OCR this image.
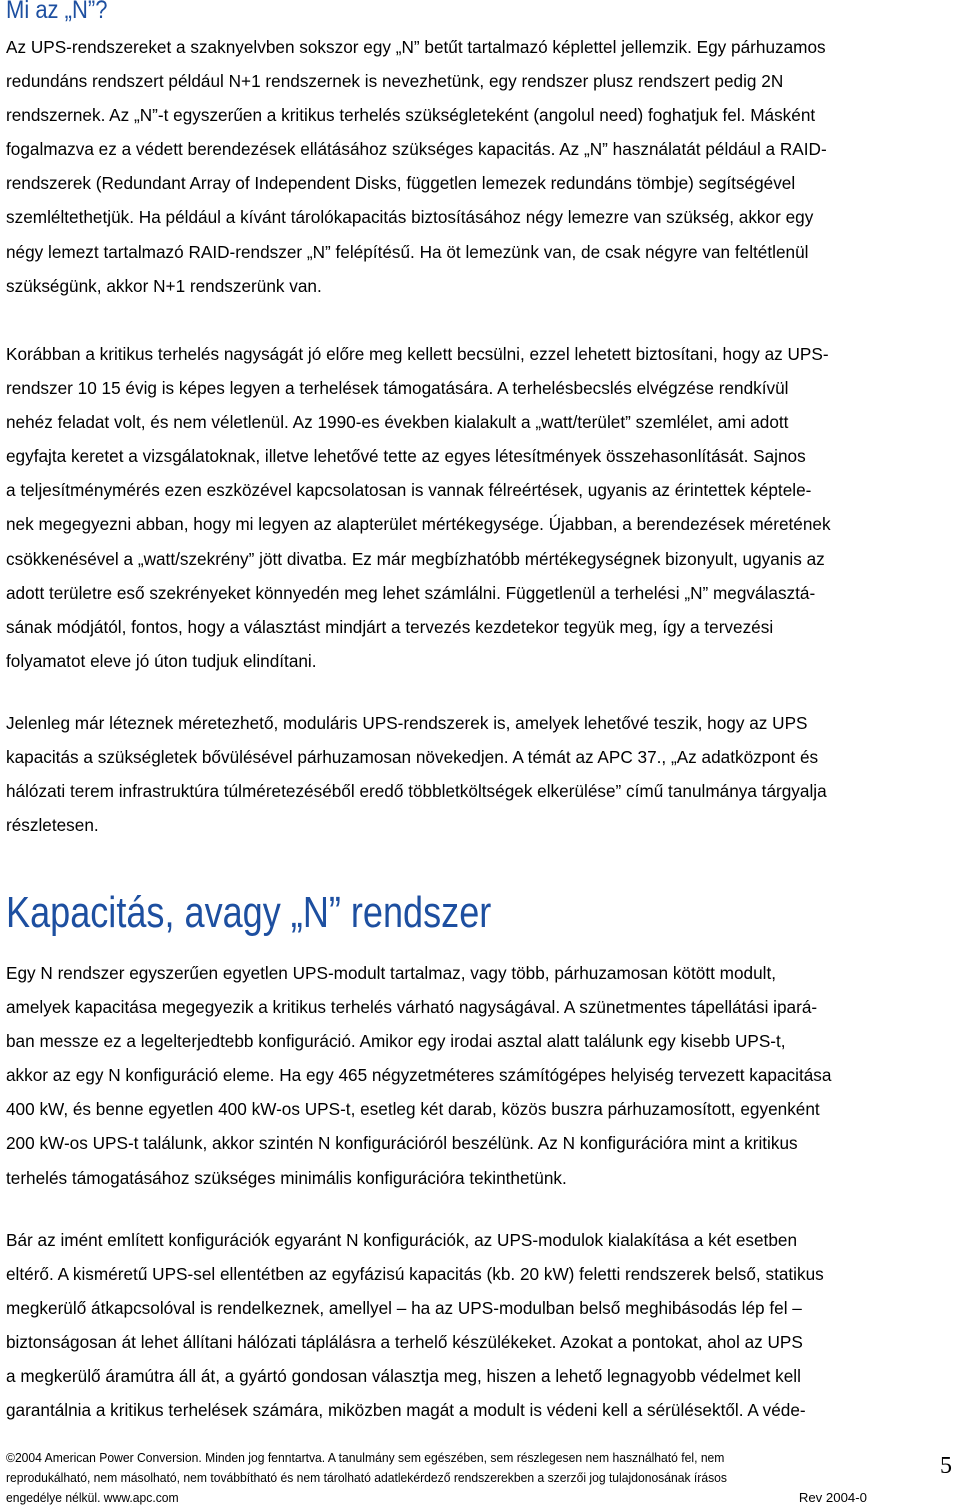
Mi az „N”?
Az UPS-rendszereket a szaknyelvben sokszor egy „N” betűt tartalmazó képlettel jellemzik. Egy párhuzamos
redundáns rendszert például N+1 rendszernek is nevezhetünk, egy rendszer plusz rendszert pedig 2N
rendszernek. Az „N”-t egyszerűen a kritikus terhelés szükségleteként (angolul need) foghatjuk fel. Másként
fogalmazva ez a védett berendezések ellátásához szükséges kapacitás. Az „N” használatát például a RAID-
rendszerek (Redundant Array of Independent Disks, független lemezek redundáns tömbje) segítségével
szemléltethetjük. Ha például a kívánt tárolókapacitás biztosításához négy lemezre van szükség, akkor egy
négy lemezt tartalmazó RAID-rendszer „N” felépítésű. Ha öt lemezünk van, de csak négyre van feltétlenül
szükségünk, akkor N+1 rendszerünk van.
Korábban a kritikus terhelés nagyságát jó előre meg kellett becsülni, ezzel lehetett biztosítani, hogy az UPS-
rendszer 10 15 évig is képes legyen a terhelések támogatására. A terhelésbecslés elvégzése rendkívül
nehéz feladat volt, és nem véletlenül. Az 1990-es években kialakult a „watt/terület” szemlélet, ami adott
egyfajta keretet a vizsgálatoknak, illetve lehetővé tette az egyes létesítmények összehasonlítását. Sajnos
a teljesítménymérés ezen eszközével kapcsolatosan is vannak félreértések, ugyanis az érintettek képtele-
nek megegyezni abban, hogy mi legyen az alapterület mértékegysége. Újabban, a berendezések méretének
csökkenésével a „watt/szekrény” jött divatba. Ez már megbízhatóbb mértékegységnek bizonyult, ugyanis az
adott területre eső szekrényeket könnyedén meg lehet számlálni. Függetlenül a terhelési „N” megválasztá-
sának módjától, fontos, hogy a választást mindjárt a tervezés kezdetekor tegyük meg, így a tervezési
folyamatot eleve jó úton tudjuk elindítani.
Jelenleg már léteznek méretezhető, moduláris UPS-rendszerek is, amelyek lehetővé teszik, hogy az UPS
kapacitás a szükségletek bővülésével párhuzamosan növekedjen. A témát az APC 37., „Az adatközpont és
hálózati terem infrastruktúra túlméretezéséből eredő többletköltségek elkerülése” című tanulmánya tárgyalja
részletesen.
Kapacitás, avagy „N” rendszer
Egy N rendszer egyszerűen egyetlen UPS-modult tartalmaz, vagy több, párhuzamosan kötött modult,
amelyek kapacitása megegyezik a kritikus terhelés várható nagyságával. A szünetmentes tápellátási ipará-
ban messze ez a legelterjedtebb konfiguráció. Amikor egy irodai asztal alatt találunk egy kisebb UPS-t,
akkor az egy N konfiguráció eleme. Ha egy 465 négyzetméteres számítógépes helyiség tervezett kapacitása
400 kW, és benne egyetlen 400 kW-os UPS-t, esetleg két darab, közös buszra párhuzamosított, egyenként
200 kW-os UPS-t találunk, akkor szintén N konfigurációról beszélünk. Az N konfigurációra mint a kritikus
terhelés támogatásához szükséges minimális konfigurációra tekinthetünk.
Bár az imént említett konfigurációk egyaránt N konfigurációk, az UPS-modulok kialakítása a két esetben
eltérő. A kisméretű UPS-sel ellentétben az egyfázisú kapacitás (kb. 20 kW) feletti rendszerek belső, statikus
megkerülő átkapcsolóval is rendelkeznek, amellyel – ha az UPS-modulban belső meghibásodás lép fel –
biztonságosan át lehet állítani hálózati táplálásra a terhelő készülékeket. Azokat a pontokat, ahol az UPS
a megkerülő áramútra áll át, a gyártó gondosan választja meg, hiszen a lehető legnagyobb védelmet kell
garantálnia a kritikus terhelések számára, miközben magát a modult is védeni kell a sérülésektől. A véde-
©2004 American Power Conversion. Minden jog fenntartva. A tanulmány sem egészében, sem részlegesen nem használható fel, nem
reprodukálható, nem másolható, nem továbbítható és nem tárolható adatlekérdező rendszerekben a szerzői jog tulajdonosának írásos
engedélye nélkül. www.apc.com	Rev 2004-0
5
